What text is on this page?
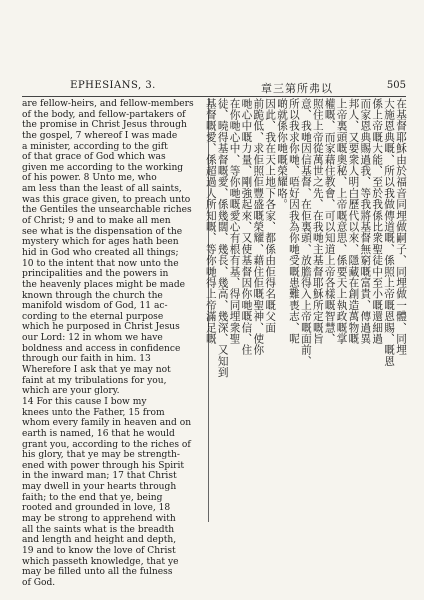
EPHESIANS, 3.	章三第所弗以	505
are fellow-heirs, and fellow-members
of the body, and fellow-partakers of
the promise in Christ Jesus through
the gospel, 7 whereof I was made
a minister, according to the gift
of that grace of God which was
given me according to the working
of his power. 8 Unto me, who
am less than the least of all saints,
was this grace given, to preach unto
the Gentiles the unsearchable riches
of Christ; 9 and to make all men
see what is the dispensation of the
mystery which for ages hath been
hid in God who created all things;
10 to the intent that now unto the
principalities and the powers in
the heavenly places might be made
known through the church the
manifold wisdom of God, 11 ac-
cording to the eternal purpose
which he purposed in Christ Jesus
our Lord: 12 in whom we have
boldness and access in confidence
through our faith in him. 13
Wherefore I ask that ye may not
faint at my tribulations for you,
which are your glory.
14 For this cause I bow my
knees unto the Father, 15 from
whom every family in heaven and on
earth is named, 16 that he would
grant you, according to the riches of
his glory, that ye may be strength-
ened with power through his Spirit
in the inward man; 17 that Christ
may dwell in your hearts through
faith; to the end that ye, being
rooted and grounded in love, 18
may be strong to apprehend with
all the saints what is the breadth
and length and height and depth,
19 and to know the love of Christ
which passeth knowledge, that ye
may be filled unto all the fulness
of God.
在基督耶穌由於福音同埋做嗣子、同埋做一體、同埋
大施恩典嘅、所以我做傳道嘅、係照上帝嘅恩賜、嘅恩
係上帝嘅大能、至於我係比衆聖徒中至小嘅還細過
而家恩典賜過我、等我將基督無窮嘅富貴、傳過異
邦人、又要衆人明白歷代以來、隱藏在創造萬物嘅
上帝裏頭嘅奧秘、上帝嘅意思、係要天上執政嘅掌
權嘅、而家藉住教會、可以知道上帝各樣嘅智慧、
照住上帝從萬世之先、在我哋主基督耶穌所定嘅旨
意、我哋因信基督、在佢裏頭、放膽得入上帝嘅面前、
所以我求你哋、唔好因我為你哋受嘅患難喪志、呢
啲就係你哋嘅榮耀咯。
因此、我在天上地下各家、都係由佢得名嘅父面
前跪低、求佢照佢豐盛嘅榮耀、藉住佢嘅聖神、使你
哋心中嘅力量、剛強起來、又使基督因你哋嘅信、住
在你哋心中、等你哋嘅愛心有根有基、得同埋衆聖
徒、曉得基督嘅愛、係幾闊、幾長、幾高、幾深、又知到
基督嘅愛、係超過人所知嘅、等你哋得上帝滿足嘅
